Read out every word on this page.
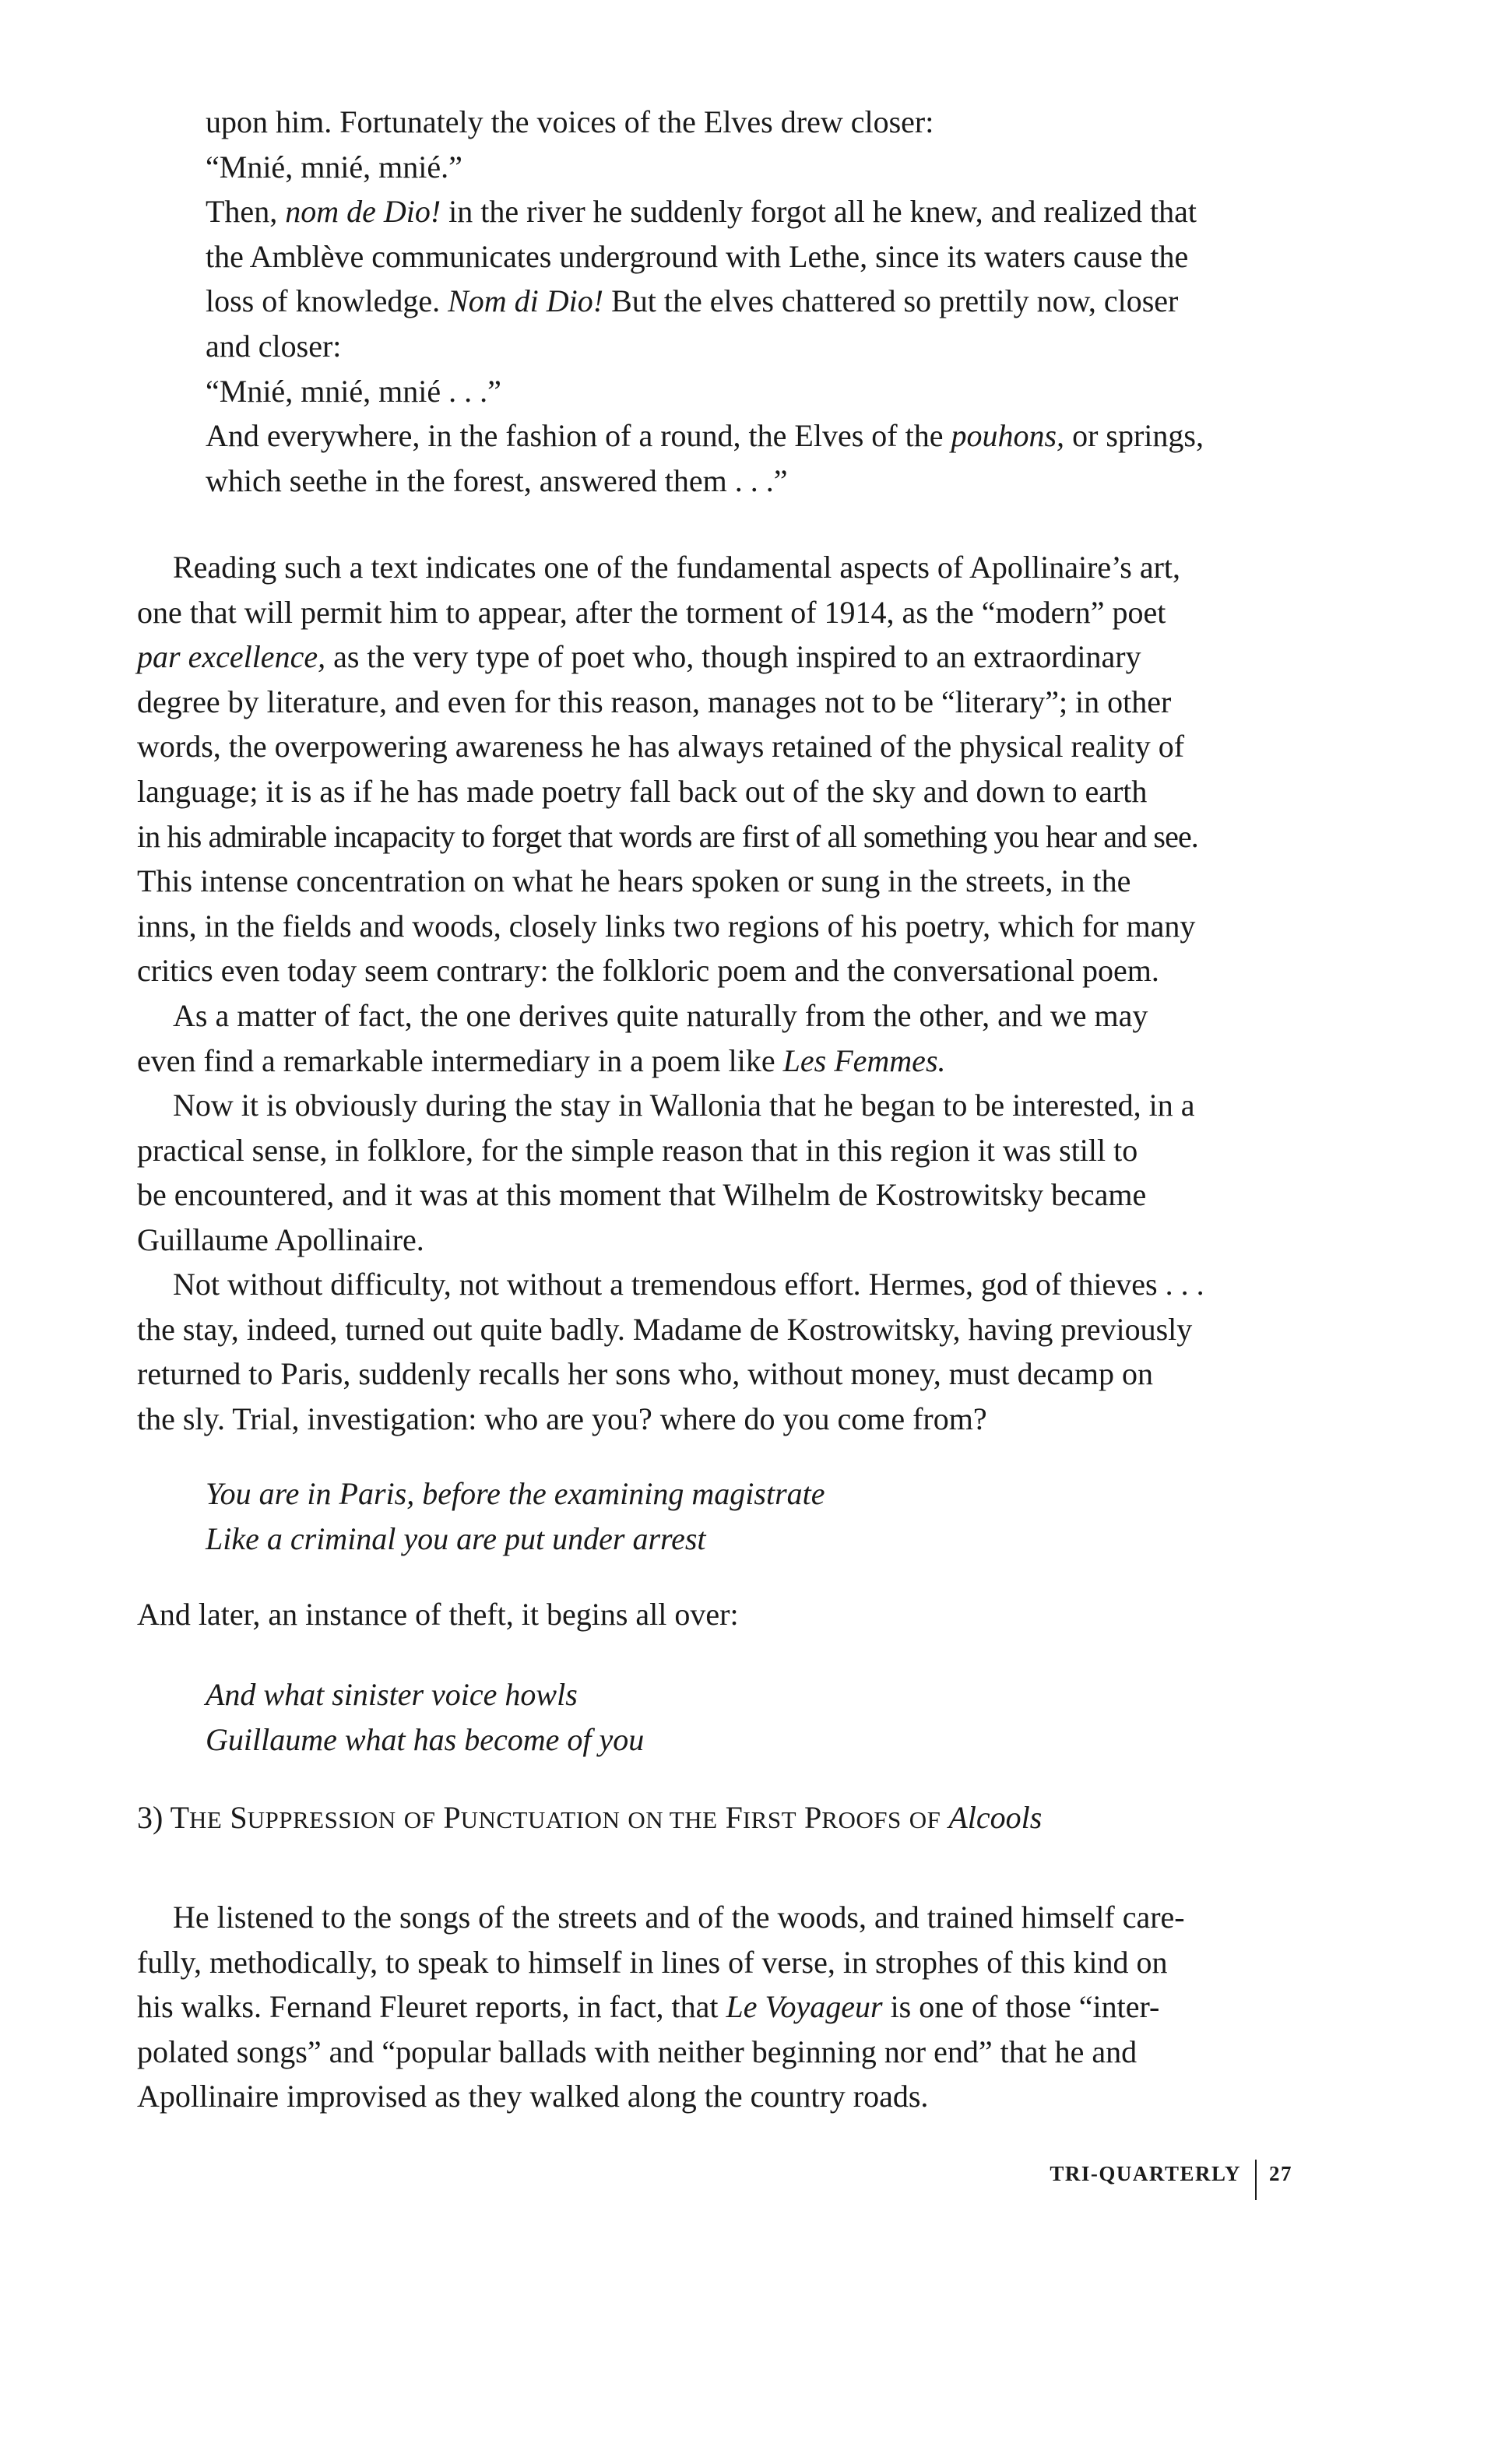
upon him. Fortunately the voices of the Elves drew closer:
“Mnié, mnié, mnié.”
Then, nom de Dio! in the river he suddenly forgot all he knew, and realized that
the Amblève communicates underground with Lethe, since its waters cause the
loss of knowledge. Nom di Dio! But the elves chattered so prettily now, closer
and closer:
“Mnié, mnié, mnié . . .”
And everywhere, in the fashion of a round, the Elves of the pouhons, or springs,
which seethe in the forest, answered them . . .”
Reading such a text indicates one of the fundamental aspects of Apollinaire’s art,
one that will permit him to appear, after the torment of 1914, as the “modern” poet
par excellence, as the very type of poet who, though inspired to an extraordinary
degree by literature, and even for this reason, manages not to be “literary”; in other
words, the overpowering awareness he has always retained of the physical reality of
language; it is as if he has made poetry fall back out of the sky and down to earth
in his admirable incapacity to forget that words are first of all something you hear and see.
This intense concentration on what he hears spoken or sung in the streets, in the
inns, in the fields and woods, closely links two regions of his poetry, which for many
critics even today seem contrary: the folkloric poem and the conversational poem.
As a matter of fact, the one derives quite naturally from the other, and we may
even find a remarkable intermediary in a poem like Les Femmes.
Now it is obviously during the stay in Wallonia that he began to be interested, in a
practical sense, in folklore, for the simple reason that in this region it was still to
be encountered, and it was at this moment that Wilhelm de Kostrowitsky became
Guillaume Apollinaire.
Not without difficulty, not without a tremendous effort. Hermes, god of thieves . . .
the stay, indeed, turned out quite badly. Madame de Kostrowitsky, having previously
returned to Paris, suddenly recalls her sons who, without money, must decamp on
the sly. Trial, investigation: who are you? where do you come from?
You are in Paris, before the examining magistrate
Like a criminal you are put under arrest
And later, an instance of theft, it begins all over:
And what sinister voice howls
Guillaume what has become of you
3) THE SUPPRESSION OF PUNCTUATION ON THE FIRST PROOFS OF Alcools
He listened to the songs of the streets and of the woods, and trained himself care-
fully, methodically, to speak to himself in lines of verse, in strophes of this kind on
his walks. Fernand Fleuret reports, in fact, that Le Voyageur is one of those “inter-
polated songs” and “popular ballads with neither beginning nor end” that he and
Apollinaire improvised as they walked along the country roads.
TRI-QUARTERLY 27
